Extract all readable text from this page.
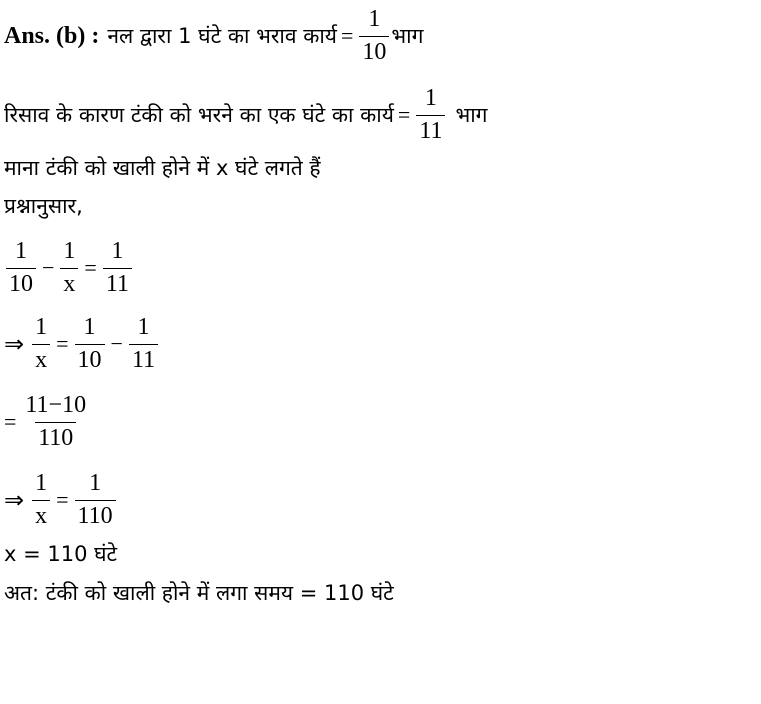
Ans. (b) : नल द्वारा 1 घंटे का भराव कार्य = $\frac{1}{10}$ भाग
रिसाव के कारण टंकी को भरने का एक घंटे का कार्य = $\frac{1}{11}$ भाग
माना टंकी को खाली होने में x घंटे लगते हैं
प्रश्नानुसार,
$\frac{1}{10} - \frac{1}{x} = \frac{1}{11}$
⇒ $\frac{1}{x} = \frac{1}{10} - \frac{1}{11}$
= $\frac{11-10}{110}$
⇒ $\frac{1}{x} = \frac{1}{110}$
x = 110 घंटे
अत: टंकी को खाली होने में लगा समय = 110 घंटे
